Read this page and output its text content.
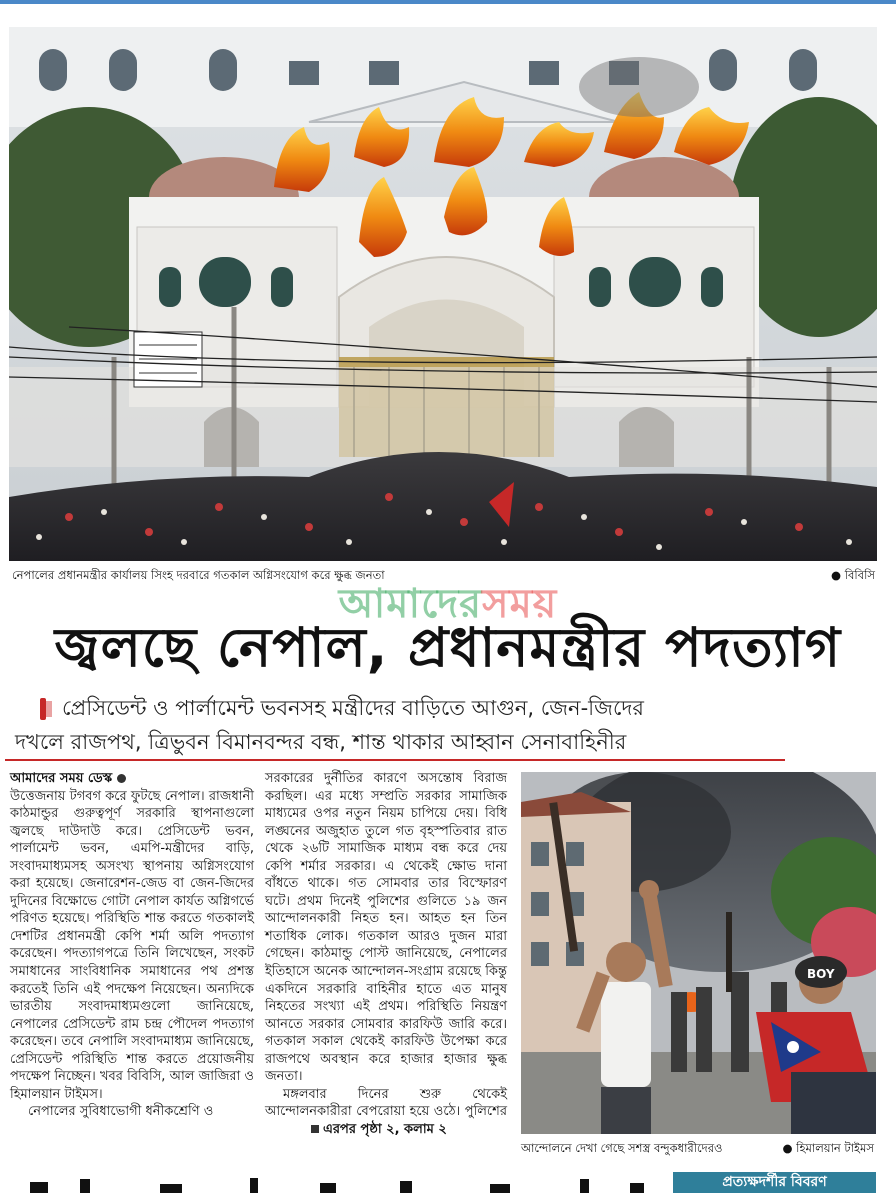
নেপালের প্রধানমন্ত্রীর কার্যালয় সিংহ দরবারে গতকাল অগ্নিসংযোগ করে ক্ষুব্ধ জনতা	● বিবিসি
আমাদেরসময়
জ্বলছে নেপাল, প্রধানমন্ত্রীর পদত্যাগ
প্রেসিডেন্ট ও পার্লামেন্ট ভবনসহ মন্ত্রীদের বাড়িতে আগুন, জেন-জিদের
দখলে রাজপথ, ত্রিভুবন বিমানবন্দর বন্ধ, শান্ত থাকার আহ্বান সেনাবাহিনীর

আমাদের সময় ডেস্ক

উত্তেজনায় টগবগ করে ফুটছে নেপাল। রাজধানী কাঠমান্ডুর গুরুত্বপূর্ণ সরকারি স্থাপনাগুলো জ্বলছে দাউদাউ করে। প্রেসিডেন্ট ভবন, পার্লামেন্ট ভবন, এমপি-মন্ত্রীদের বাড়ি, সংবাদমাধ্যমসহ অসংখ্য স্থাপনায় অগ্নিসংযোগ করা হয়েছে। জেনারেশন-জেড বা জেন-জিদের দুদিনের বিক্ষোভে গোটা নেপাল কার্যত অগ্নিগর্ভে পরিণত হয়েছে। পরিস্থিতি শান্ত করতে গতকালই দেশটির প্রধানমন্ত্রী কেপি শর্মা অলি পদত্যাগ করেছেন। পদত্যাগপত্রে তিনি লিখেছেন, সংকট সমাধানের সাংবিধানিক সমাধানের পথ প্রশস্ত করতেই তিনি এই পদক্ষেপ নিয়েছেন। অন্যদিকে ভারতীয় সংবাদমাধ্যমগুলো জানিয়েছে, নেপালের প্রেসিডেন্ট রাম চন্দ্র পৌদেল পদত্যাগ করেছেন। তবে নেপালি সংবাদমাধ্যম জানিয়েছে, প্রেসিডেন্ট পরিস্থিতি শান্ত করতে প্রয়োজনীয় পদক্ষেপ নিচ্ছেন। খবর বিবিসি, আল জাজিরা ও হিমালয়ান টাইমস।

নেপালের সুবিধাভোগী ধনীকশ্রেণি ও

সরকারের দুর্নীতির কারণে অসন্তোষ বিরাজ করছিল। এর মধ্যে সম্প্রতি সরকার সামাজিক মাধ্যমের ওপর নতুন নিয়ম চাপিয়ে দেয়। বিধি লঙ্ঘনের অজুহাত তুলে গত বৃহস্পতিবার রাত থেকে ২৬টি সামাজিক মাধ্যম বন্ধ করে দেয় কেপি শর্মার সরকার। এ থেকেই ক্ষোভ দানা বাঁধতে থাকে। গত সোমবার তার বিস্ফোরণ ঘটে। প্রথম দিনেই পুলিশের গুলিতে ১৯ জন আন্দোলনকারী নিহত হন। আহত হন তিন শতাধিক লোক। গতকাল আরও দুজন মারা গেছেন। কাঠমান্ডু পোস্ট জানিয়েছে, নেপালের ইতিহাসে অনেক আন্দোলন-সংগ্রাম রয়েছে কিন্তু একদিনে সরকারি বাহিনীর হাতে এত মানুষ নিহতের সংখ্যা এই প্রথম। পরিস্থিতি নিয়ন্ত্রণ আনতে সরকার সোমবার কারফিউ জারি করে। গতকাল সকাল থেকেই কারফিউ উপেক্ষা করে রাজপথে অবস্থান করে হাজার হাজার ক্ষুব্ধ জনতা।

মঙ্গলবার দিনের শুরু থেকেই আন্দোলনকারীরা বেপরোয়া হয়ে ওঠে। পুলিশেরএরপর পৃষ্ঠা ২, কলাম ২

BOY
আন্দোলনে দেখা গেছে সশস্ত্র বন্দুকধারীদেরও	● হিমালয়ান টাইমস
প্রত্যক্ষদর্শীর বিবরণ
